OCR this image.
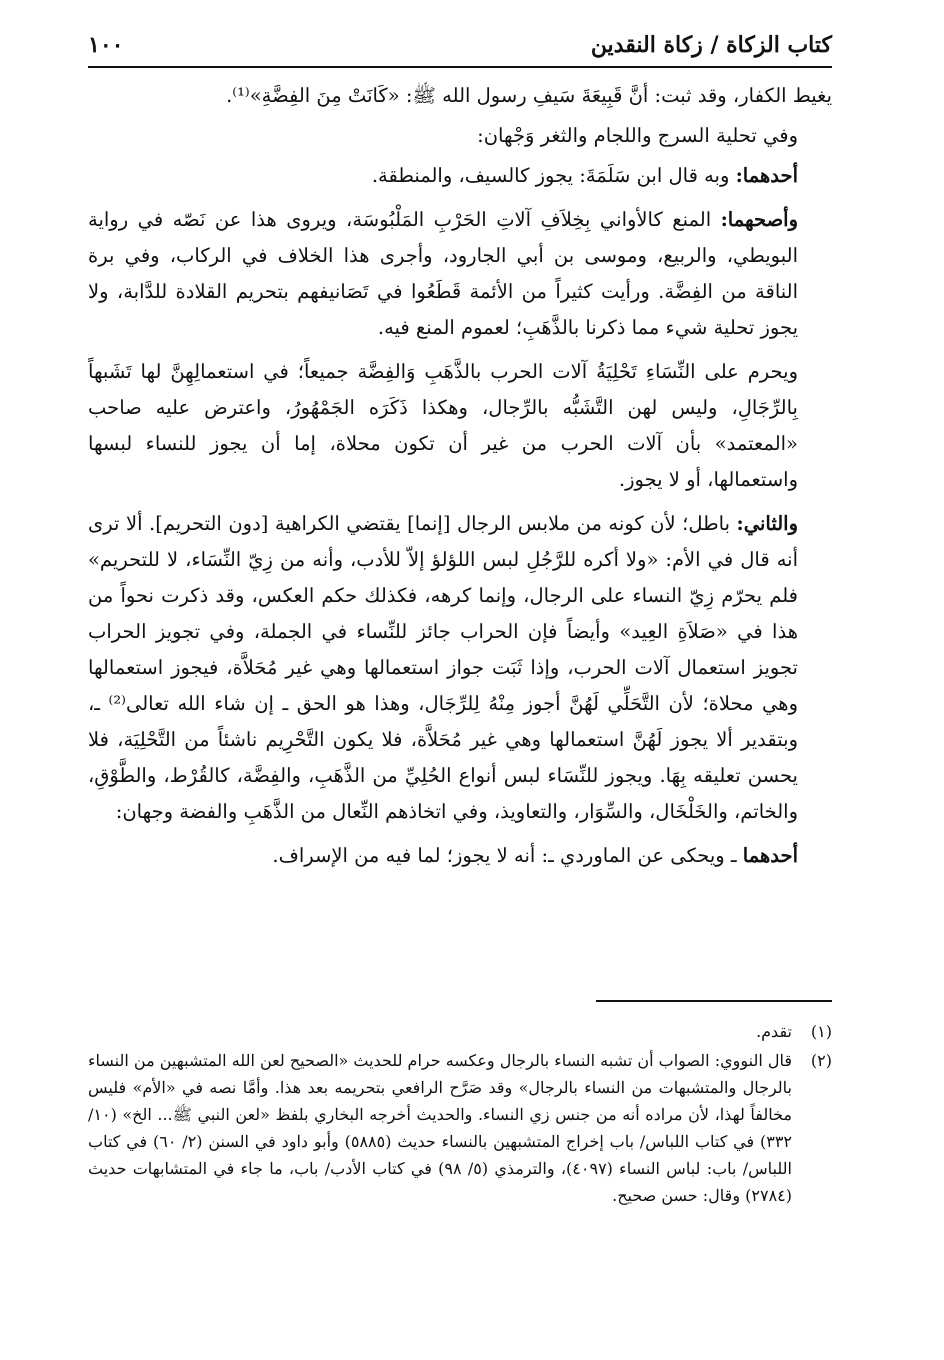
كتاب الزكاة / زكاة النقدين
١٠٠

يغيط الكفار، وقد ثبت: أنَّ قَبِيعَةَ سَيفِ رسول الله ﷺ: «كَانَتْ مِنَ الفِضَّةِ»⁽¹⁾.

وفي تحلية السرج واللجام والثغر وَجْهان:

أحدهما: وبه قال ابن سَلَمَةَ: يجوز كالسيف، والمنطقة.

وأصحهما: المنع كالأواني بِخِلاَفِ آلاتِ الحَرْبِ المَلْبُوسَة، ويروى هذا عن نَصّه في رواية البويطي، والربيع، وموسى بن أبي الجارود، وأجرى هذا الخلاف في الركاب، وفي برة الناقة من الفِضَّة. ورأيت كثيراً من الأئمة قَطَعُوا في تَصَانيفهم بتحريم القلادة للدَّابة، ولا يجوز تحلية شيء مما ذكرنا بالذَّهَبِ؛ لعموم المنع فيه.

ويحرم على النِّسَاءِ تَحْلِيَةُ آلات الحرب بالذَّهَبِ وَالفِضَّة جميعاً؛ في استعمالِهِنَّ لها تَشَبهاً بِالرِّجَالِ، وليس لهن التَّشَبُّه بالرِّجال، وهكذا ذَكَرَه الجَمْهُورُ، واعترض عليه صاحب «المعتمد» بأن آلات الحرب من غير أن تكون محلاة، إما أن يجوز للنساء لبسها واستعمالها، أو لا يجوز.

والثاني: باطل؛ لأن كونه من ملابس الرجال [إنما] يقتضي الكراهية [دون التحريم]. ألا ترى أنه قال في الأم: «ولا أكره للرَّجُلِ لبس اللؤلؤ إلاّ للأدب، وأنه من زِيّ النِّسَاء، لا للتحريم» فلم يحرّم زِيّ النساء على الرجال، وإنما كرهه، فكذلك حكم العكس، وقد ذكرت نحواً من هذا في «صَلاَةِ العِيد» وأيضاً فإن الحراب جائز للنِّساء في الجملة، وفي تجويز الحراب تجويز استعمال آلات الحرب، وإذا ثَبَت جواز استعمالها وهي غير مُحَلاَّة، فيجوز استعمالها وهي محلاة؛ لأن التَّحَلِّي لَهُنَّ أجوز مِنْهُ لِلرِّجَال، وهذا هو الحق ـ إن شاء الله تعالى⁽²⁾ ـ، وبتقدير ألا يجوز لَهُنَّ استعمالها وهي غير مُحَلاَّة، فلا يكون التَّحْرِيم ناشئاً من التَّحْلِيَة، فلا يحسن تعليقه بِهَا. ويجوز للنِّسَاء لبس أنواع الحُلِيِّ من الذَّهَبِ، والفِضَّة، كالقُرْط، والطَّوْقِ، والخاتم، والخَلْخَال، والسِّوَار، والتعاويذ، وفي اتخاذهم النِّعال من الذَّهَبِ والفضة وجهان:

أحدهما ـ ويحكى عن الماوردي ـ: أنه لا يجوز؛ لما فيه من الإسراف.

(١)
تقدم.
(٢)
قال النووي: الصواب أن تشبه النساء بالرجال وعكسه حرام للحديث «الصحيح لعن الله المتشبهين من النساء بالرجال والمتشبهات من النساء بالرجال» وقد صَرَّح الرافعي بتحريمه بعد هذا. وأمَّا نصه في «الأم» فليس مخالفاً لهذا، لأن مراده أنه من جنس زي النساء. والحديث أخرجه البخاري بلفظ «لعن النبي ﷺ... الخ» (١٠/ ٣٣٢) في كتاب اللباس/ باب إخراج المتشبهين بالنساء حديث (٥٨٨٥) وأبو داود في السنن (٢/ ٦٠) في كتاب اللباس/ باب: لباس النساء (٤٠٩٧)، والترمذي (٥/ ٩٨) في كتاب الأدب/ باب، ما جاء في المتشابهات حديث (٢٧٨٤) وقال: حسن صحيح.
